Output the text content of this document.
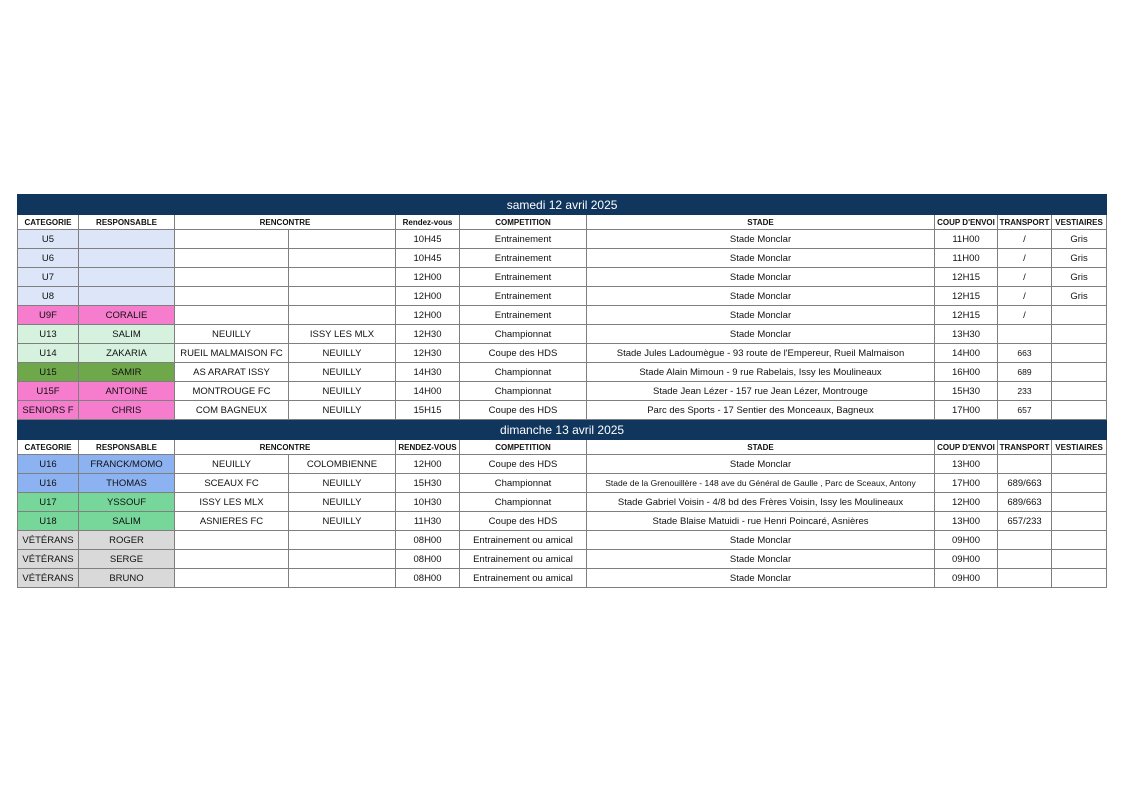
samedi 12 avril 2025									
CATEGORIE	RESPONSABLE	RENCONTRE		Rendez-vous	COMPETITION	STADE	COUP D'ENVOI	TRANSPORT	VESTIAIRES
U5				10H45	Entrainement	Stade Monclar	11H00	/	Gris
U6				10H45	Entrainement	Stade Monclar	11H00	/	Gris
U7				12H00	Entrainement	Stade Monclar	12H15	/	Gris
U8				12H00	Entrainement	Stade Monclar	12H15	/	Gris
U9F	CORALIE			12H00	Entrainement	Stade Monclar	12H15	/	
U13	SALIM	NEUILLY	ISSY LES MLX	12H30	Championnat	Stade Monclar	13H30		
U14	ZAKARIA	RUEIL MALMAISON FC	NEUILLY	12H30	Coupe des HDS	Stade Jules Ladoumègue - 93 route de l'Empereur, Rueil Malmaison	14H00	663	
U15	SAMIR	AS ARARAT ISSY	NEUILLY	14H30	Championnat	Stade Alain Mimoun - 9 rue Rabelais, Issy les Moulineaux	16H00	689	
U15F	ANTOINE	MONTROUGE FC	NEUILLY	14H00	Championnat	Stade Jean Lézer - 157 rue Jean Lézer, Montrouge	15H30	233	
SENIORS F	CHRIS	COM BAGNEUX	NEUILLY	15H15	Coupe des HDS	Parc des Sports - 17 Sentier des Monceaux, Bagneux	17H00	657	
dimanche 13 avril 2025									
CATEGORIE	RESPONSABLE	RENCONTRE		RENDEZ-VOUS	COMPETITION	STADE	COUP D'ENVOI	TRANSPORT	VESTIAIRES
U16	FRANCK/MOMO	NEUILLY	COLOMBIENNE	12H00	Coupe des HDS	Stade Monclar	13H00		
U16	THOMAS	SCEAUX FC	NEUILLY	15H30	Championnat	Stade de la Grenouillère - 148 ave du Général de Gaulle , Parc de Sceaux, Antony	17H00	689/663	
U17	YSSOUF	ISSY LES MLX	NEUILLY	10H30	Championnat	Stade Gabriel Voisin - 4/8 bd des Frères Voisin, Issy les Moulineaux	12H00	689/663	
U18	SALIM	ASNIERES FC	NEUILLY	11H30	Coupe des HDS	Stade Blaise Matuidi - rue Henri Poincaré, Asnières	13H00	657/233	
VÉTÉRANS	ROGER			08H00	Entrainement ou amical	Stade Monclar	09H00		
VÉTÉRANS	SERGE			08H00	Entrainement ou amical	Stade Monclar	09H00		
VÉTÉRANS	BRUNO			08H00	Entrainement ou amical	Stade Monclar	09H00		
